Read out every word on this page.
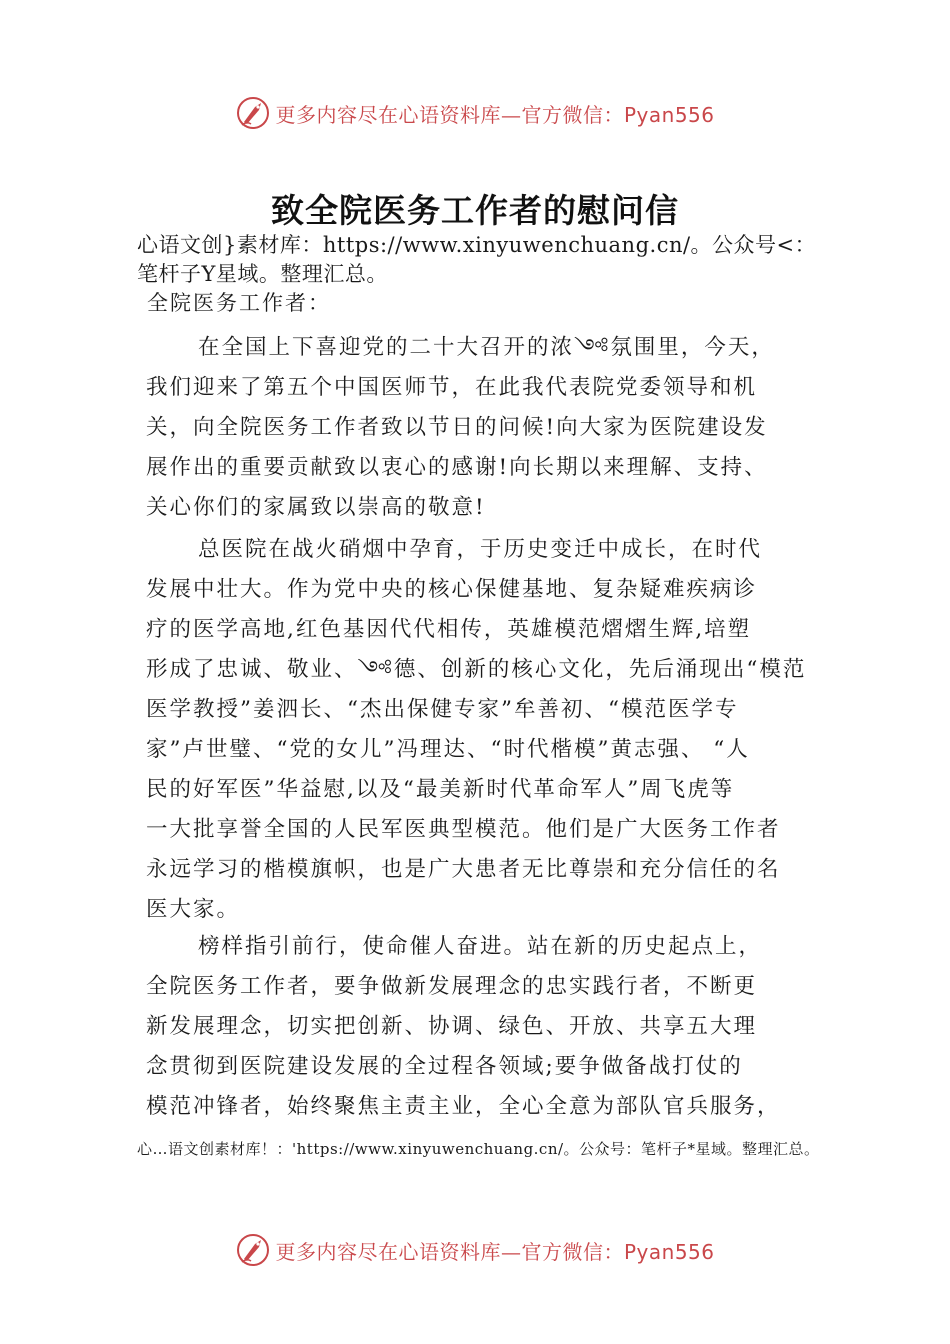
更多内容尽在心语资料库—官方微信：Pyan556
致全院医务工作者的慰问信

心语文创}素材库：https://www.xinyuwenchuang.cn/。公众号<：笔杆子Y星域。整理汇总。

全院医务工作者：

在全国上下喜迎党的二十大召开的浓༺氛围里，今天，
我们迎来了第五个中国医师节，在此我代表院党委领导和机
关，向全院医务工作者致以节日的问候!向大家为医院建设发
展作出的重要贡献致以衷心的感谢!向长期以来理解、支持、
关心你们的家属致以崇高的敬意!
总医院在战火硝烟中孕育，于历史变迁中成长，在时代
发展中壮大。作为党中央的核心保健基地、复杂疑难疾病诊
疗的医学高地,红色基因代代相传，英雄模范熠熠生辉,培塑
形成了忠诚、敬业、༺德、创新的核心文化，先后涌现出“模范
医学教授”姜泗长、“杰出保健专家”牟善初、“模范医学专
家”卢世璧、“党的女儿”冯理达、“时代楷模”黄志强、 “人
民的好军医”华益慰,以及“最美新时代革命军人”周飞虎等
一大批享誉全国的人民军医典型模范。他们是广大医务工作者
永远学习的楷模旗帜，也是广大患者无比尊崇和充分信任的名
医大家。
榜样指引前行，使命催人奋进。站在新的历史起点上，
全院医务工作者，要争做新发展理念的忠实践行者，不断更
新发展理念，切实把创新、协调、绿色、开放、共享五大理
念贯彻到医院建设发展的全过程各领域;要争做备战打仗的
模范冲锋者，始终聚焦主责主业，全心全意为部队官兵服务，

心…语文创素材库！：'https://www.xinyuwenchuang.cn/。公众号：笔杆子*星域。整理汇总。

更多内容尽在心语资料库—官方微信：Pyan556
